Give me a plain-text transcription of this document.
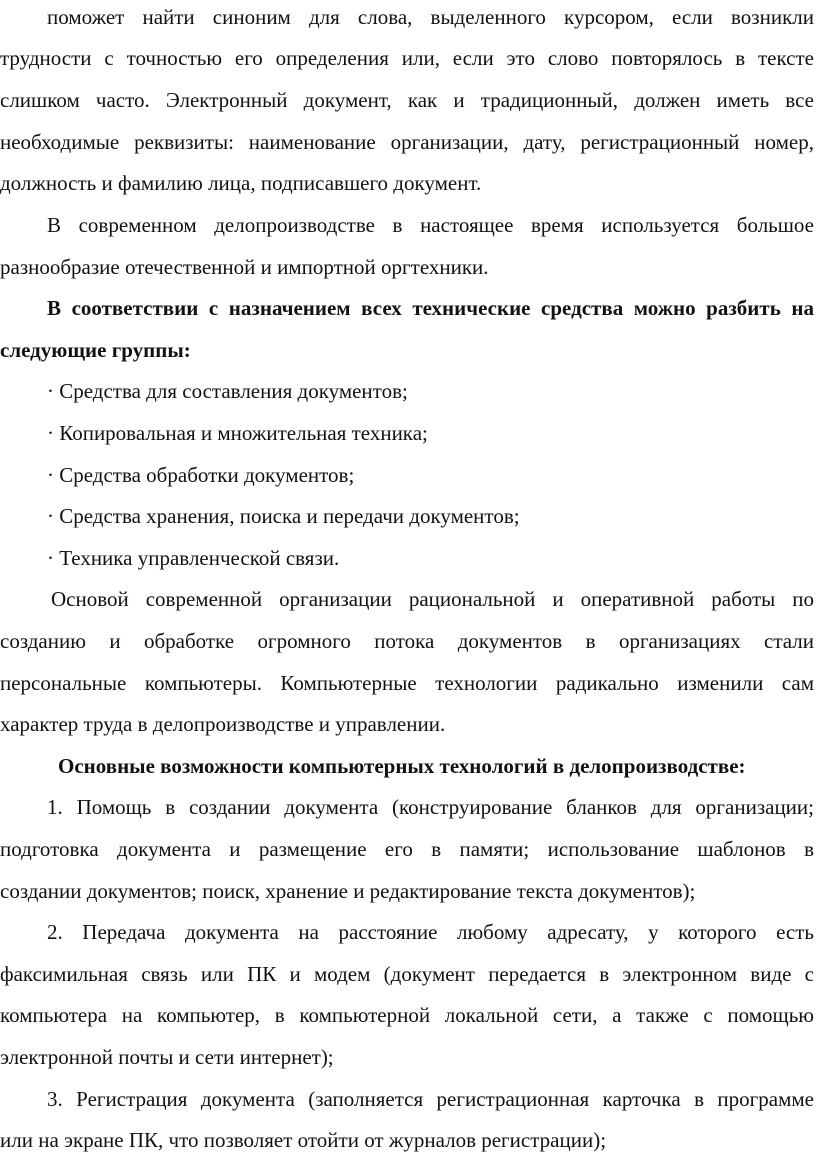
поможет найти синоним для слова, выделенного курсором, если возникли
трудности с точностью его определения или, если это слово повторялось в тексте
слишком часто. Электронный документ, как и традиционный, должен иметь все
необходимые реквизиты: наименование организации, дату, регистрационный номер,
должность и фамилию лица, подписавшего документ.
В современном делопроизводстве в настоящее время используется большое
разнообразие отечественной и импортной оргтехники.
В соответствии с назначением всех технические средства можно разбить на
следующие группы:
· Средства для составления документов;
· Копировальная и множительная техника;
· Средства обработки документов;
· Средства хранения, поиска и передачи документов;
· Техника управленческой связи.
Основой современной организации рациональной и оперативной работы по
созданию и обработке огромного потока документов в организациях стали
персональные компьютеры. Компьютерные технологии радикально изменили сам
характер труда в делопроизводстве и управлении.
Основные возможности компьютерных технологий в делопроизводстве:
1. Помощь в создании документа (конструирование бланков для организации;
подготовка документа и размещение его в памяти; использование шаблонов в
создании документов; поиск, хранение и редактирование текста документов);
2. Передача документа на расстояние любому адресату, у которого есть
факсимильная связь или ПК и модем (документ передается в электронном виде с
компьютера на компьютер, в компьютерной локальной сети, а также с помощью
электронной почты и сети интернет);
3. Регистрация документа (заполняется регистрационная карточка в программе
или на экране ПК, что позволяет отойти от журналов регистрации);
